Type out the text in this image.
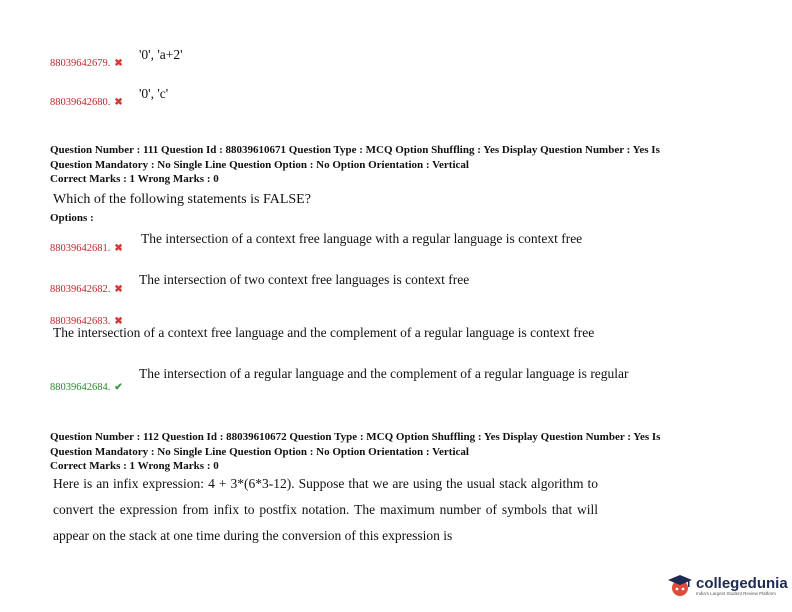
88039642679. ✖
'0', 'a+2'
88039642680. ✖
'0', 'c'
Question Number : 111 Question Id : 88039610671 Question Type : MCQ Option Shuffling : Yes Display Question Number : Yes Is
Question Mandatory : No Single Line Question Option : No Option Orientation : Vertical
Correct Marks : 1 Wrong Marks : 0
Which of the following statements is FALSE?
Options :
88039642681. ✖
The intersection of a context free language with a regular language is context free
88039642682. ✖
The intersection of two context free languages is context free
88039642683. ✖
The intersection of a context free language and the complement of a regular language is context free
88039642684. ✔
The intersection of a regular language and the complement of a regular language is regular
Question Number : 112 Question Id : 88039610672 Question Type : MCQ Option Shuffling : Yes Display Question Number : Yes Is
Question Mandatory : No Single Line Question Option : No Option Orientation : Vertical
Correct Marks : 1 Wrong Marks : 0
Here is an infix expression: 4 + 3*(6*3-12). Suppose that we are using the usual stack algorithm to convert the expression from infix to postfix notation. The maximum number of symbols that will appear on the stack at one time during the conversion of this expression is
collegedunia
India's Largest Student Review Platform
